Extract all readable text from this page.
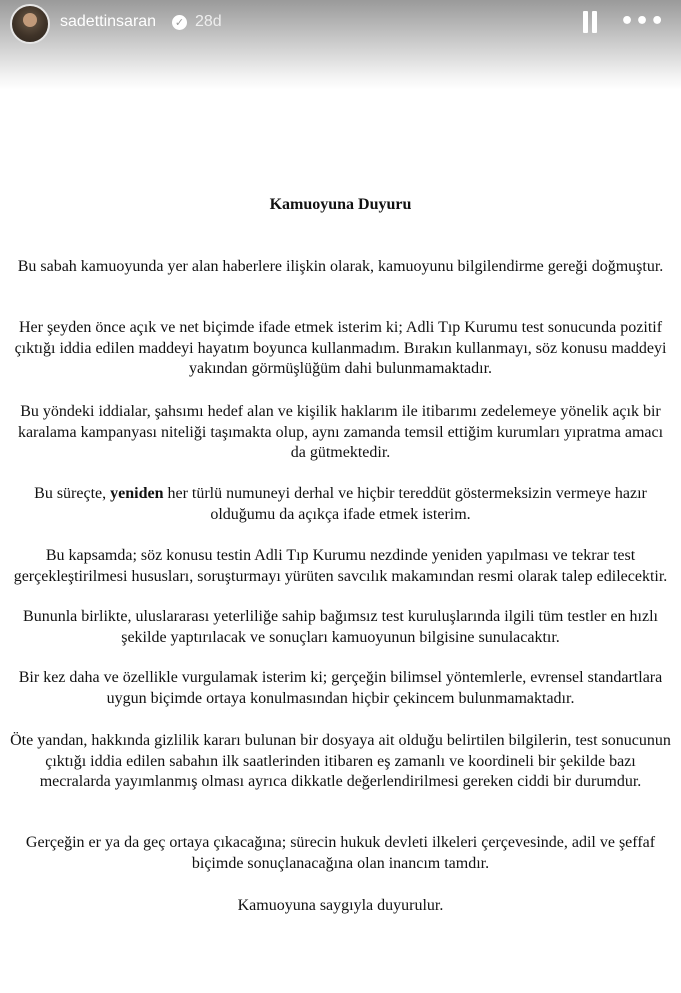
Kamuoyuna Duyuru

Bu sabah kamuoyunda yer alan haberlere ilişkin olarak, kamuoyunu bilgilendirme gereği doğmuştur.

Her şeyden önce açık ve net biçimde ifade etmek isterim ki; Adli Tıp Kurumu test sonucunda pozitif çıktığı iddia edilen maddeyi hayatım boyunca kullanmadım. Bırakın kullanmayı, söz konusu maddeyi yakından görmüşlüğüm dahi bulunmamaktadır.

Bu yöndeki iddialar, şahsımı hedef alan ve kişilik haklarım ile itibarımı zedelemeye yönelik açık bir karalama kampanyası niteliği taşımakta olup, aynı zamanda temsil ettiğim kurumları yıpratma amacı da gütmektedir.

Bu süreçte, yeniden her türlü numuneyi derhal ve hiçbir tereddüt göstermeksizin vermeye hazır olduğumu da açıkça ifade etmek isterim.

Bu kapsamda; söz konusu testin Adli Tıp Kurumu nezdinde yeniden yapılması ve tekrar test gerçekleştirilmesi hususları, soruşturmayı yürüten savcılık makamından resmi olarak talep edilecektir.

Bununla birlikte, uluslararası yeterliliğe sahip bağımsız test kuruluşlarında ilgili tüm testler en hızlı şekilde yaptırılacak ve sonuçları kamuoyunun bilgisine sunulacaktır.

Bir kez daha ve özellikle vurgulamak isterim ki; gerçeğin bilimsel yöntemlerle, evrensel standartlara uygun biçimde ortaya konulmasından hiçbir çekincem bulunmamaktadır.

Öte yandan, hakkında gizlilik kararı bulunan bir dosyaya ait olduğu belirtilen bilgilerin, test sonucunun çıktığı iddia edilen sabahın ilk saatlerinden itibaren eş zamanlı ve koordineli bir şekilde bazı mecralarda yayımlanmış olması ayrıca dikkatle değerlendirilmesi gereken ciddi bir durumdur.

Gerçeğin er ya da geç ortaya çıkacağına; sürecin hukuk devleti ilkeleri çerçevesinde, adil ve şeffaf biçimde sonuçlanacağına olan inancım tamdır.

Kamuoyuna saygıyla duyurulur.

sadettinsaran ✓ 28d	•••
